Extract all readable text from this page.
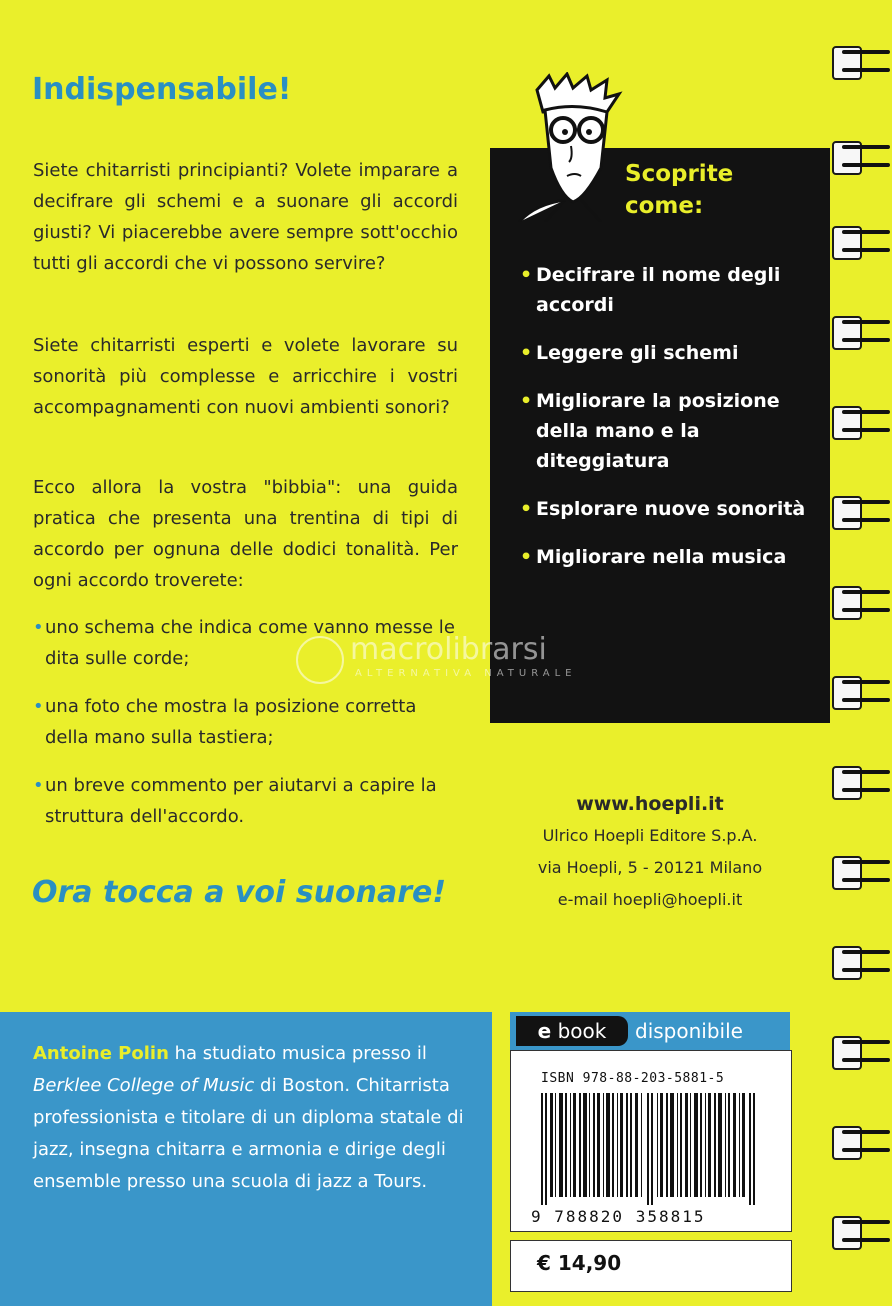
Indispensabile!
Siete chitarristi principianti? Volete imparare a decifrare gli schemi e a suonare gli accordi giusti? Vi piacerebbe avere sempre sott'occhio tutti gli accordi che vi possono servire?
Siete chitarristi esperti e volete lavorare su sonorità più complesse e arricchire i vostri accompagnamenti con nuovi ambienti sonori?
Ecco allora la vostra "bibbia": una guida pratica che presenta una trentina di tipi di accordo per ognuna delle dodici tonalità. Per ogni accordo troverete:
• uno schema che indica come vanno messe le dita sulle corde;
• una foto che mostra la posizione corretta della mano sulla tastiera;
• un breve commento per aiutarvi a capire la struttura dell'accordo.
Ora tocca a voi suonare!
Scoprite
come:
• Decifrare il nome degli accordi
• Leggere gli schemi
• Migliorare la posizione della mano e la diteggiatura
• Esplorare nuove sonorità
• Migliorare nella musica
macrolibrarsi
ALTERNATIVA NATURALE
www.hoepli.it
Ulrico Hoepli Editore S.p.A.
via Hoepli, 5 - 20121 Milano
e-mail hoepli@hoepli.it
Antoine Polin ha studiato musica presso il Berklee College of Music di Boston. Chitarrista professionista e titolare di un diploma statale di jazz, insegna chitarra e armonia e dirige degli ensemble presso una scuola di jazz a Tours.
e book	disponibile
ISBN 978-88-203-5881-5
9 788820 358815
€ 14,90
